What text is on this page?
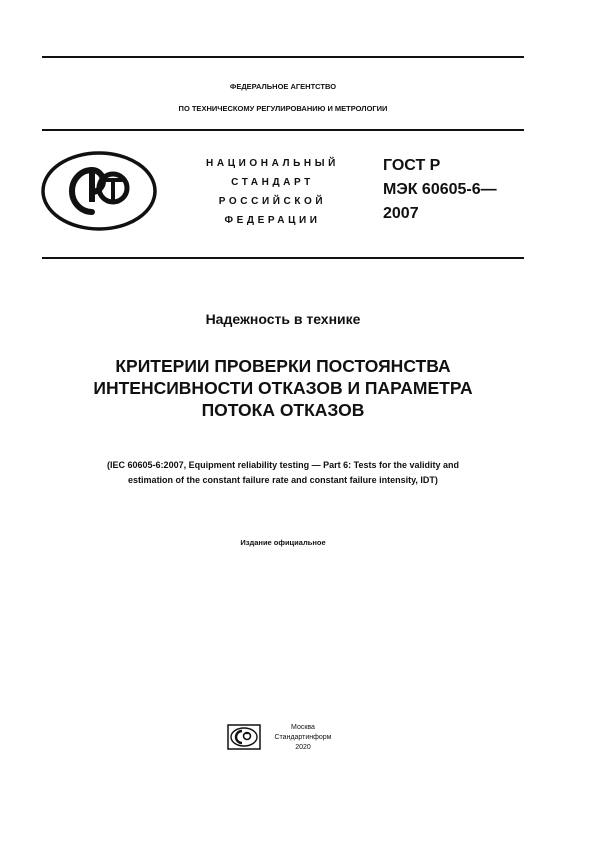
ФЕДЕРАЛЬНОЕ АГЕНТСТВО
ПО ТЕХНИЧЕСКОМУ РЕГУЛИРОВАНИЮ И МЕТРОЛОГИИ
НАЦИОНАЛЬНЫЙ
СТАНДАРТ
РОССИЙСКОЙ
ФЕДЕРАЦИИ
ГОСТ Р
МЭК 60605-6—
2007
Надежность в технике
КРИТЕРИИ ПРОВЕРКИ ПОСТОЯНСТВА
ИНТЕНСИВНОСТИ ОТКАЗОВ И ПАРАМЕТРА
ПОТОКА ОТКАЗОВ
(IEC 60605-6:2007, Equipment reliability testing — Part 6: Tests for the validity and
estimation of the constant failure rate and constant failure intensity, IDT)
Издание официальное
Москва
Стандартинформ
2020
